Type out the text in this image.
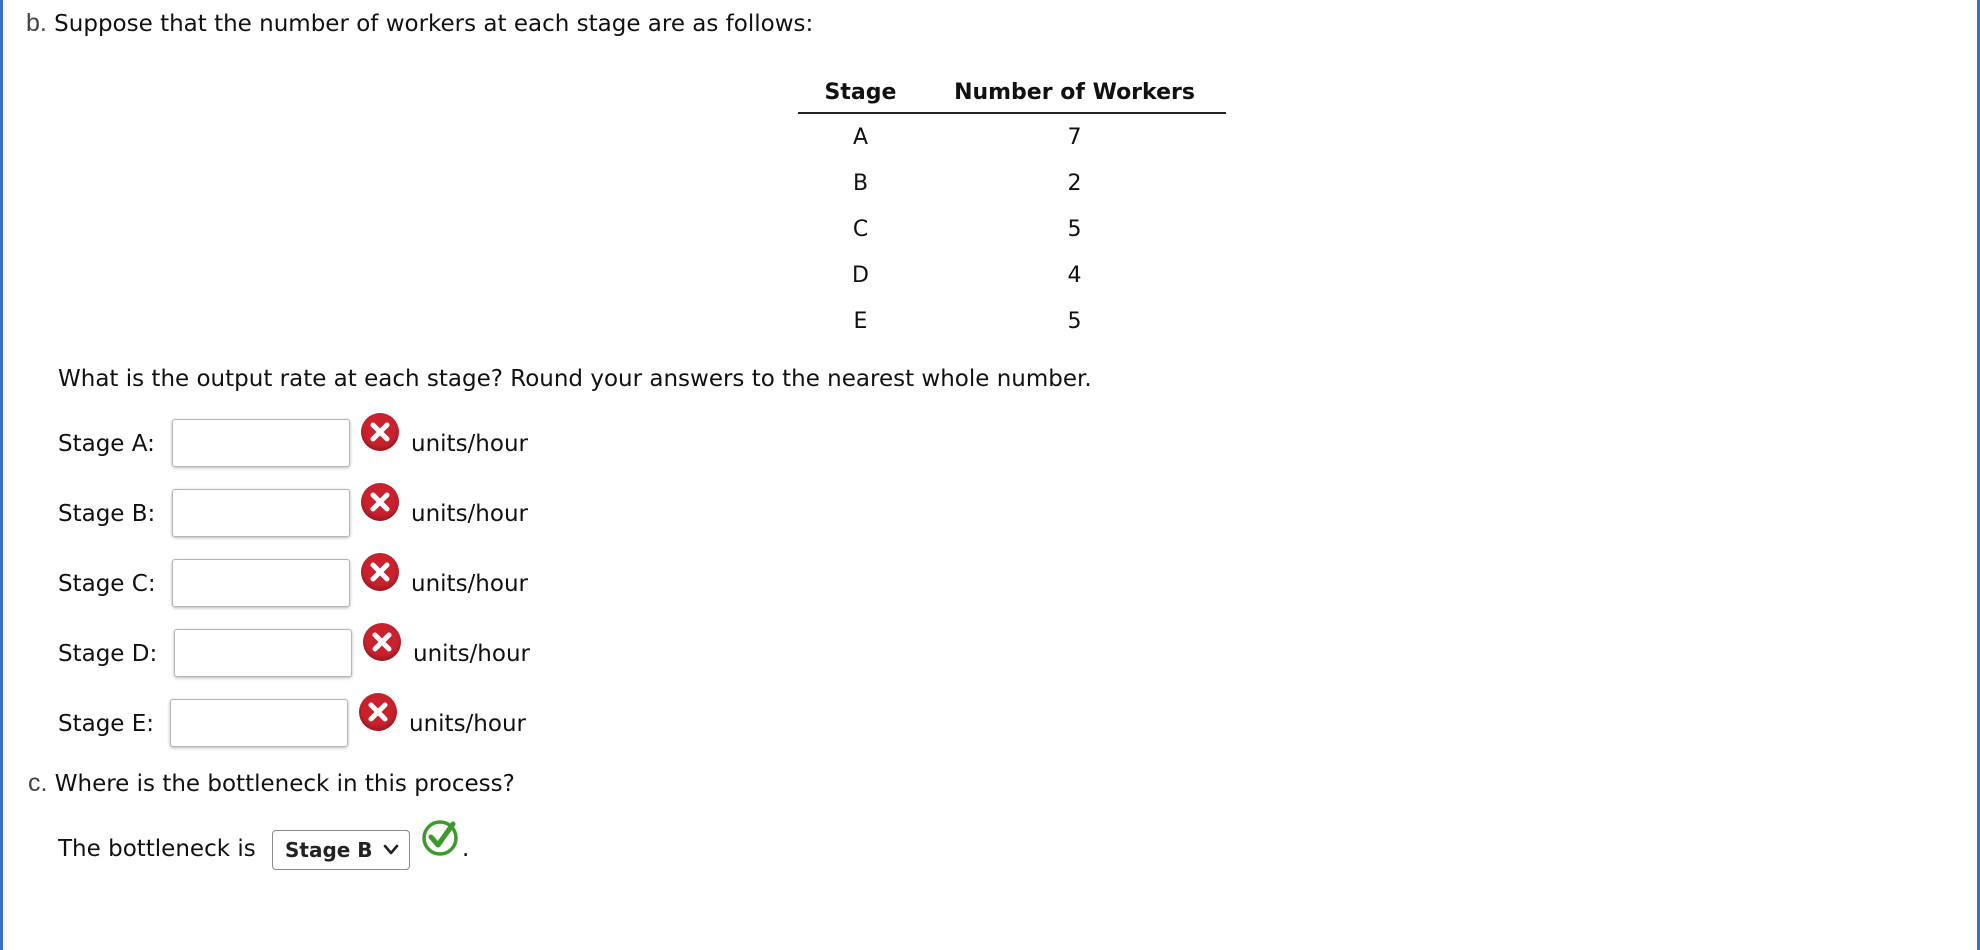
b. Suppose that the number of workers at each stage are as follows:
Stage	Number of Workers
A	7
B	2
C	5
D	4
E	5
What is the output rate at each stage? Round your answers to the nearest whole number.
Stage A:	units/hour
Stage B:	units/hour
Stage C:	units/hour
Stage D:	units/hour
Stage E:	units/hour
c. Where is the bottleneck in this process?
The bottleneck is	Stage B	.
